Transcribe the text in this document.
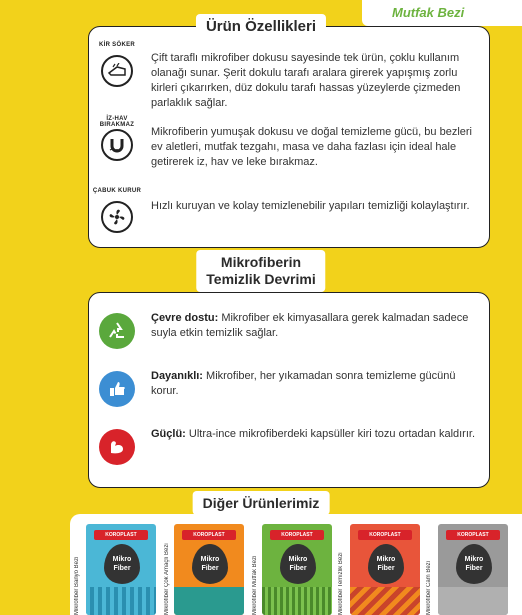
Mutfak Bezi
KİR SÖKER
Çift taraflı mikrofiber dokusu sayesinde tek ürün, çoklu kullanım olanağı sunar. Şerit dokulu tarafı aralara girerek yapışmış zorlu kirleri çıkarırken, düz dokulu tarafı hassas yüzeylerde çizmeden parlaklık sağlar.
İZ-HAV BIRAKMAZ
Mikrofiberin yumuşak dokusu ve doğal temizleme gücü, bu bezleri ev aletleri, mutfak tezgahı, masa ve daha fazlası için ideal hale getirerek iz, hav ve leke bırakmaz.
ÇABUK KURUR
Hızlı kuruyan ve kolay temizlenebilir yapıları temizliği kolaylaştırır.
Ürün Özellikleri
Çevre dostu: Mikrofiber ek kimyasallara gerek kalmadan sadece suyla etkin temizlik sağlar.
Dayanıklı: Mikrofiber, her yıkamadan sonra temizleme gücünü korur.
Güçlü: Ultra-ince mikrofiberdeki kapsüller kiri tozu ortadan kaldırır.
Mikrofiberin
Temizlik Devrimi
Diğer Ürünlerimiz
Mikrofiber Banyo Bezi
KOROPLAST
Mikro Fiber	Mikrofiber Çok Amaçlı Bezi
KOROPLAST
Mikro Fiber	Mikrofiber Mutfak Bezi
KOROPLAST
Mikro Fiber	Mikrofiber Temizlik Bezi
KOROPLAST
Mikro Fiber	Mikrofiber Cam Bezi
KOROPLAST
Mikro Fiber
